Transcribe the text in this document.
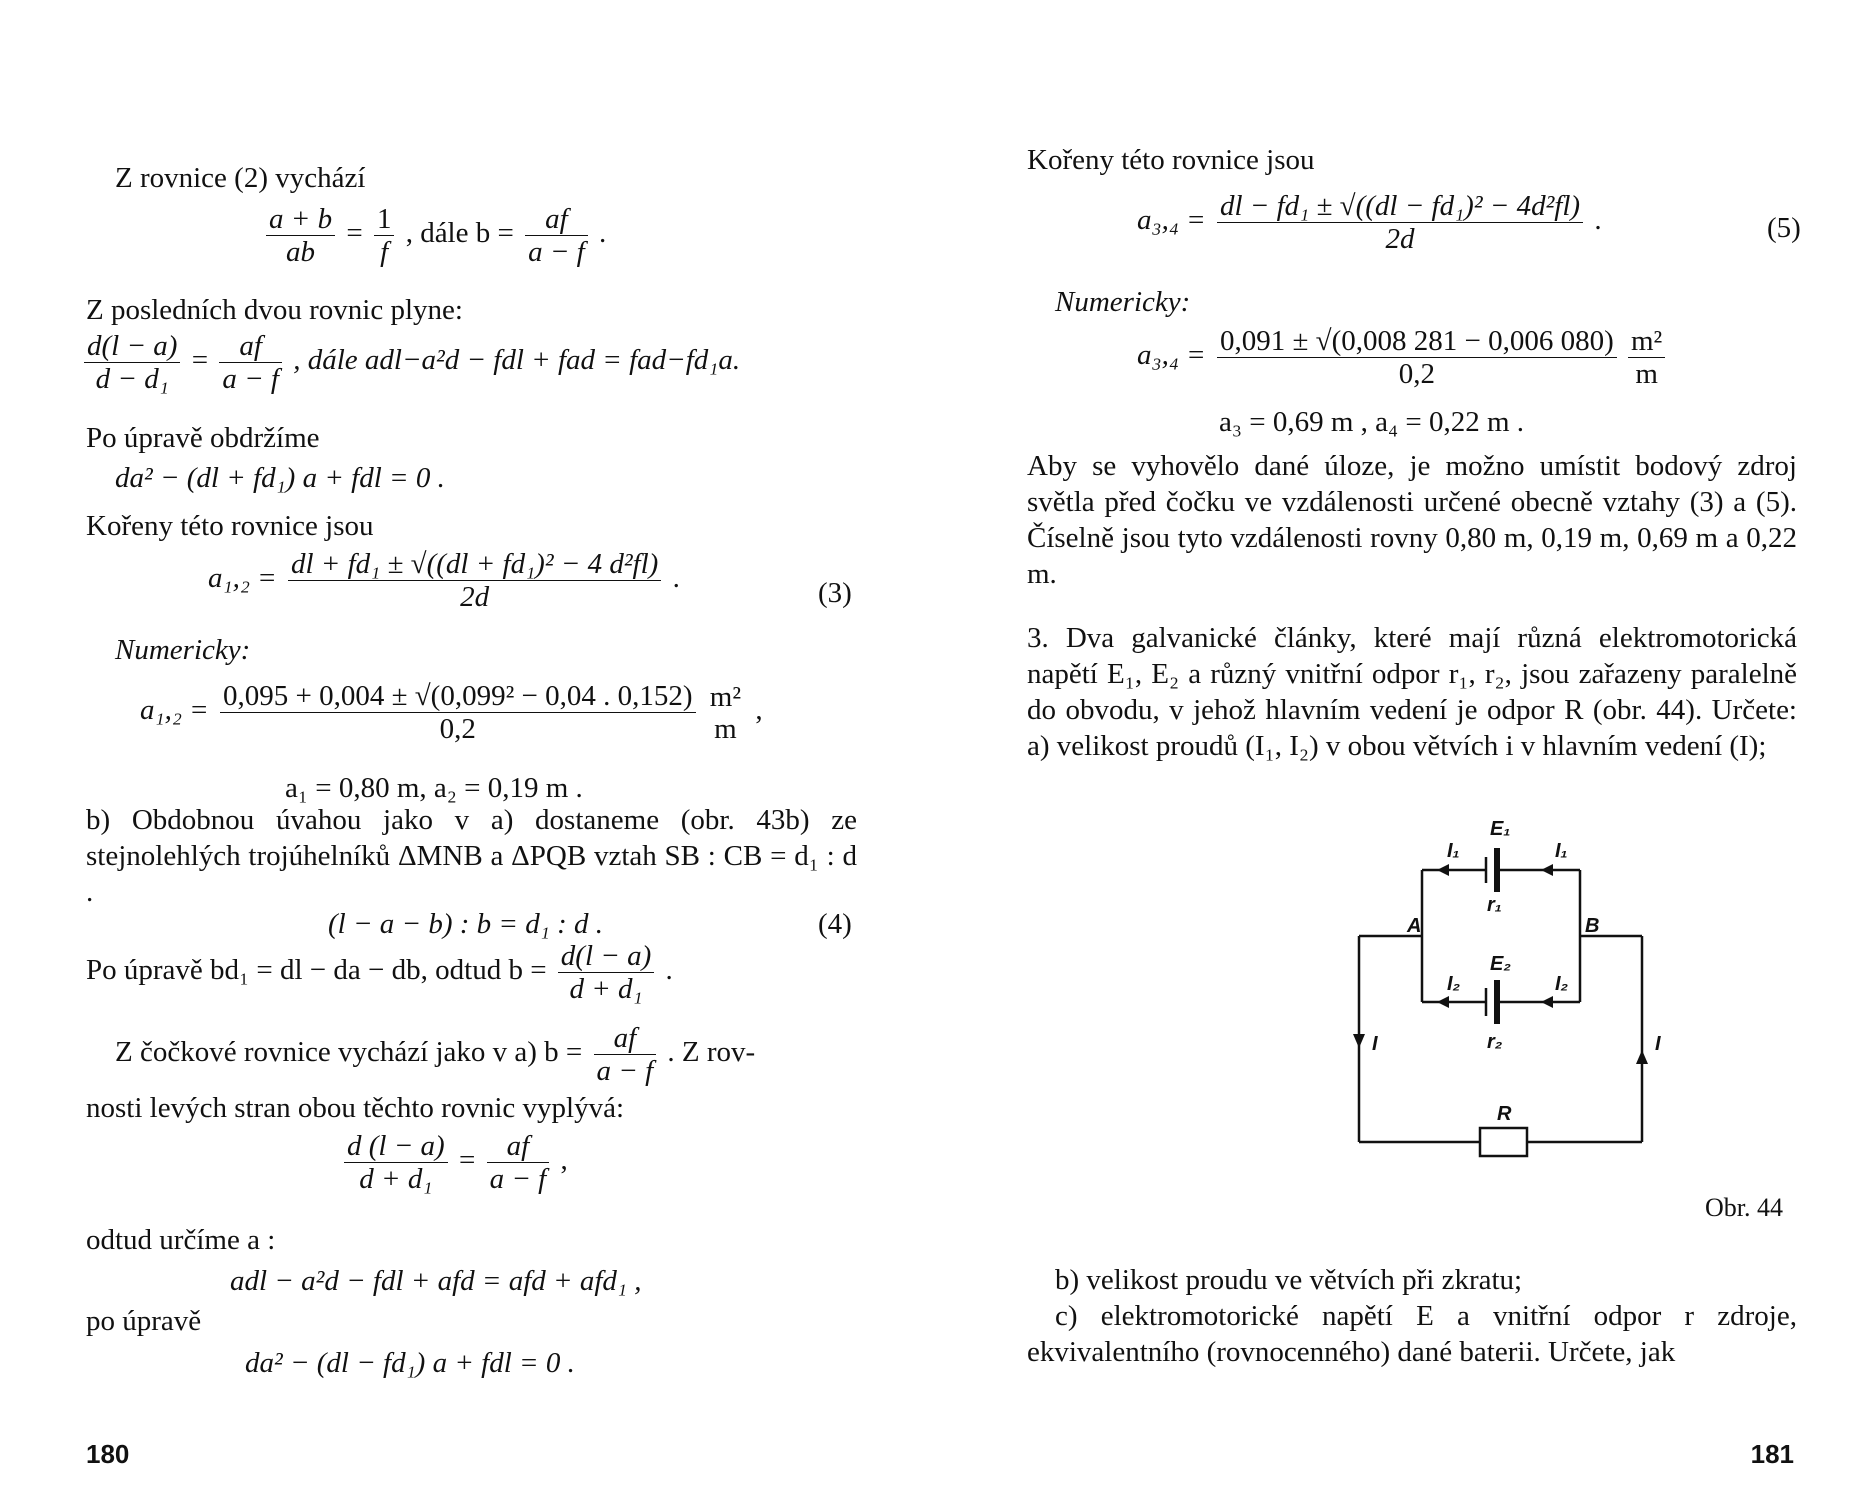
Z rovnice (2) vychází
$\frac{a + b}{ab} = \frac{1}{f}$ , dále $b = \frac{af}{a - f}$ .
Z posledních dvou rovnic plyne:
$\frac{d(l - a)}{\text{d − d₁}} = \frac{af}{a - f}$ , dále adl−a²d − fdl + fad = fad−fd₁a.
Po úpravě obdržíme
da² − (dl + fd₁) a + fdl = 0 .
Kořeny této rovnice jsou
$a_1,_2 = \frac{\text{dl + fd₁ ± √((dl + fd₁)² − 4 d²fl)}}{2d}$ .	(3)
Numericky:
$a_1,_2 = \frac{\text{0,095 + 0,004 ± √(0,099² − 0,04 . 0,152)}}{0,2}$
m²
m
,
a₁ = 0,80 m, a₂ = 0,19 m .
b) Obdobnou úvahou jako v a) dostaneme (obr. 43b) ze stejnolehlých trojúhelníků ΔMNB a ΔPQB vztah SB : CB = d₁ : d .
(l − a − b) : b = d₁ : d .	(4)
Po úpravě bd₁ = dl − da − db, odtud $b = \frac{d(l - a)}{\text{d + d₁}}$ .
Z čočkové rovnice vychází jako v a) $b = \frac{af}{a - f}$ . Z rov-
nosti levých stran obou těchto rovnic vyplývá:
$\frac{d (l - a)}{\text{d + d₁}} = \frac{af}{a - f}$ ,
odtud určíme a :
adl − a²d − fdl + afd = afd + afd₁ ,
po úpravě
da² − (dl − fd₁) a + fdl = 0 .
180
Kořeny této rovnice jsou
$a_3,_4 = \frac{\text{dl − fd₁ ± √((dl − fd₁)² − 4d²fl)}}{2d}$ .	(5)
Numericky:
$a_3,_4 = \frac{0,091 \pm √(0,008 281 - 0,006 080)}{0,2}$
$\frac{\text{m²}}{m}$
a₃ = 0,69 m , a₄ = 0,22 m .
Aby se vyhovělo dané úloze, je možno umístit bodový zdroj světla před čočku ve vzdálenosti určené obecně vztahy (3) a (5). Číselně jsou tyto vzdálenosti rovny 0,80 m, 0,19 m, 0,69 m a 0,22 m.
3. Dva galvanické články, které mají různá elektromotorická napětí E₁, E₂ a různý vnitřní odpor r₁, r₂, jsou zařazeny paralelně do obvodu, v jehož hlavním vedení je odpor R (obr. 44). Určete: a) velikost proudů (I₁, I₂) v obou větvích i v hlavním vedení (I);
E₁
I₁	I₁
r₁
A	B
E₂
I₂	I₂
r₂
I	I
R
Obr. 44
b) velikost proudu ve větvích při zkratu;
c) elektromotorické napětí E a vnitřní odpor r zdroje, ekvivalentního (rovnocenného) dané baterii. Určete, jak
181
